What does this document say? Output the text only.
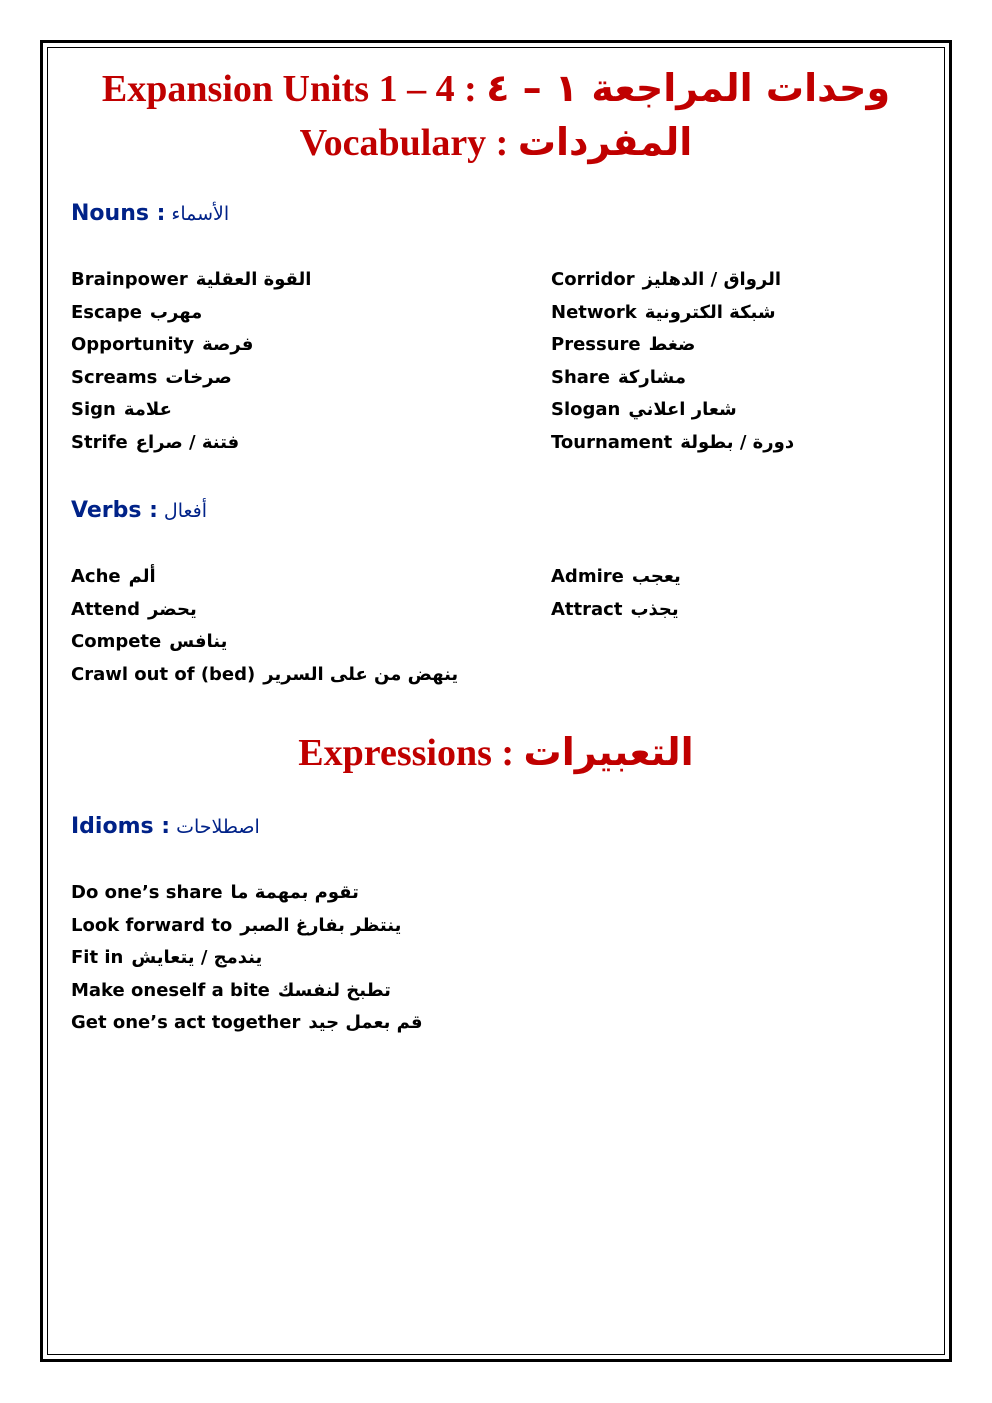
Expansion Units 1 – 4 : وحدات المراجعة ١ – ٤
Vocabulary : المفردات
Nouns : الأسماء
Brainpower القوة العقلية
Escape مهرب
Opportunity فرصة
Screams صرخات
Sign علامة
Strife فتنة / صراع
Corridor الرواق / الدهليز
Network شبكة الكترونية
Pressure ضغط
Share مشاركة
Slogan شعار اعلاني
Tournament دورة / بطولة
Verbs : أفعال
Ache ألم
Attend يحضر
Compete ينافس
Crawl out of (bed) ينهض من على السرير
Admire يعجب
Attract يجذب
Expressions : التعبيرات
Idioms : اصطلاحات
Do one’s share تقوم بمهمة ما
Look forward to ينتظر بفارغ الصبر
Fit in يندمج / يتعايش
Make oneself a bite تطبخ لنفسك
Get one’s act together قم بعمل جيد
